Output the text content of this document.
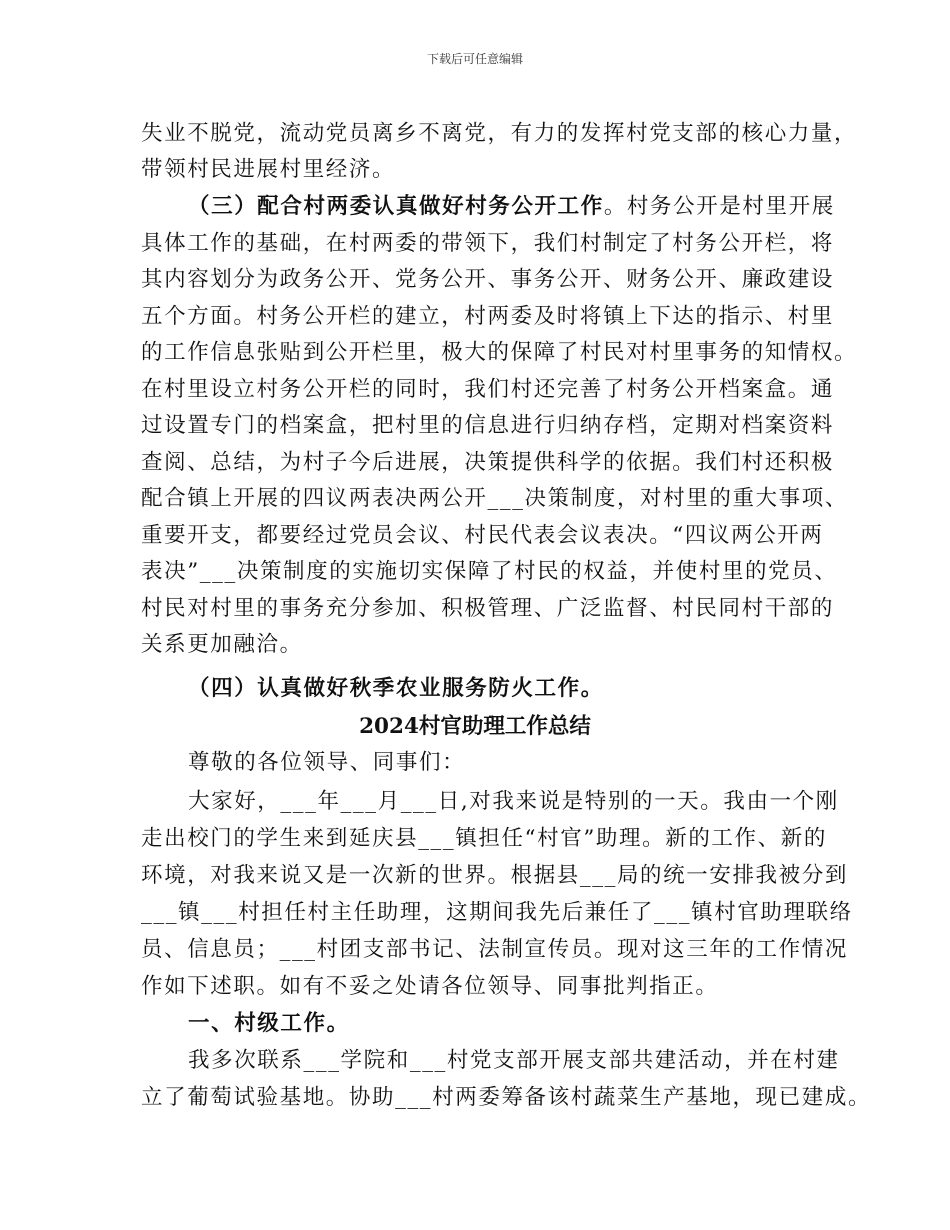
下载后可任意编辑
失业不脱党，流动党员离乡不离党，有力的发挥村党支部的核心力量，
带领村民进展村里经济。
（三）配合村两委认真做好村务公开工作。村务公开是村里开展
具体工作的基础，在村两委的带领下，我们村制定了村务公开栏，将
其内容划分为政务公开、党务公开、事务公开、财务公开、廉政建设
五个方面。村务公开栏的建立，村两委及时将镇上下达的指示、村里
的工作信息张贴到公开栏里，极大的保障了村民对村里事务的知情权。
在村里设立村务公开栏的同时，我们村还完善了村务公开档案盒。通
过设置专门的档案盒，把村里的信息进行归纳存档，定期对档案资料
查阅、总结，为村子今后进展，决策提供科学的依据。我们村还积极
配合镇上开展的四议两表决两公开___决策制度，对村里的重大事项、
重要开支，都要经过党员会议、村民代表会议表决。“四议两公开两
表决”___决策制度的实施切实保障了村民的权益，并使村里的党员、
村民对村里的事务充分参加、积极管理、广泛监督、村民同村干部的
关系更加融洽。
（四）认真做好秋季农业服务防火工作。
2024村官助理工作总结
尊敬的各位领导、同事们：
大家好，___年___月___日,对我来说是特别的一天。我由一个刚
走出校门的学生来到延庆县___镇担任“村官”助理。新的工作、新的
环境，对我来说又是一次新的世界。根据县___局的统一安排我被分到
___镇___村担任村主任助理，这期间我先后兼任了___镇村官助理联络
员、信息员；___村团支部书记、法制宣传员。现对这三年的工作情况
作如下述职。如有不妥之处请各位领导、同事批判指正。
一、村级工作。
我多次联系___学院和___村党支部开展支部共建活动，并在村建
立了葡萄试验基地。协助___村两委筹备该村蔬菜生产基地，现已建成。
